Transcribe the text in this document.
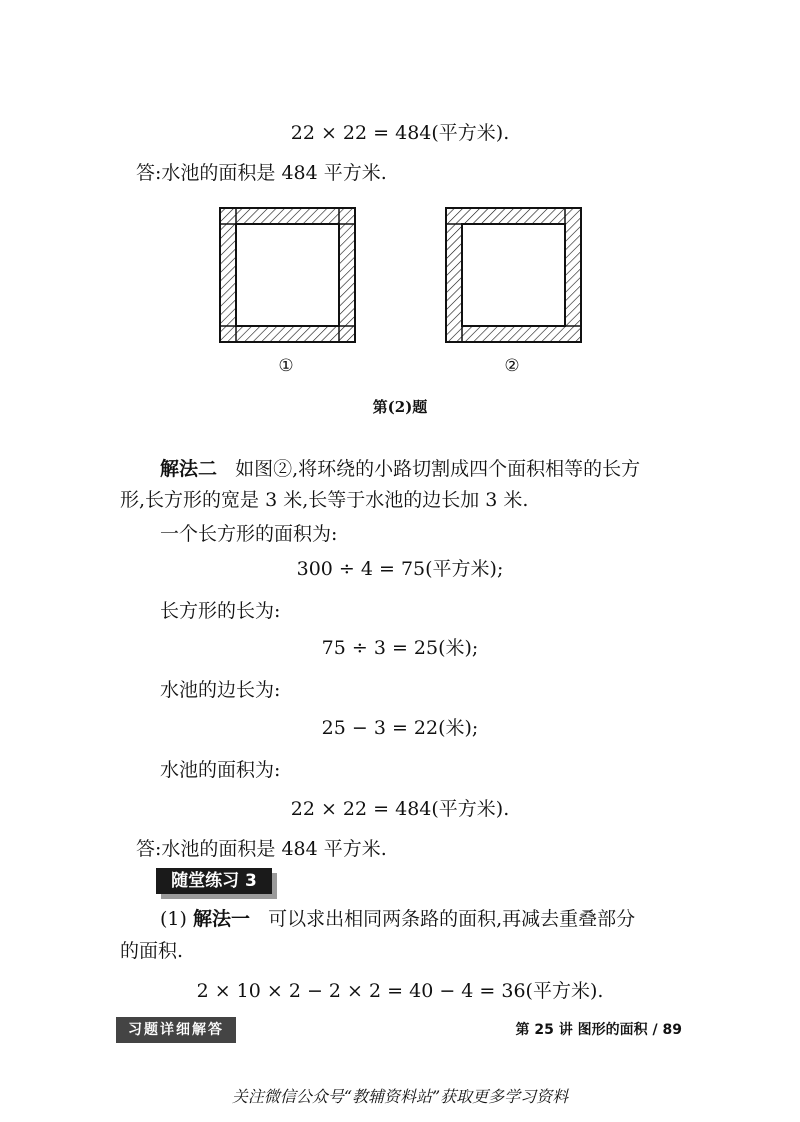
22 × 22 = 484(平方米).
答:水池的面积是 484 平方米.
①	②
第(2)题
解法二 如图②,将环绕的小路切割成四个面积相等的长方
形,长方形的宽是 3 米,长等于水池的边长加 3 米.
一个长方形的面积为:
300 ÷ 4 = 75(平方米);
长方形的长为:
75 ÷ 3 = 25(米);
水池的边长为:
25 − 3 = 22(米);
水池的面积为:
22 × 22 = 484(平方米).
答:水池的面积是 484 平方米.
随堂练习 3
(1) 解法一 可以求出相同两条路的面积,再减去重叠部分
的面积.
2 × 10 × 2 − 2 × 2 = 40 − 4 = 36(平方米).
习题详细解答	第 25 讲 图形的面积 / 89
关注微信公众号“教辅资料站”获取更多学习资料
